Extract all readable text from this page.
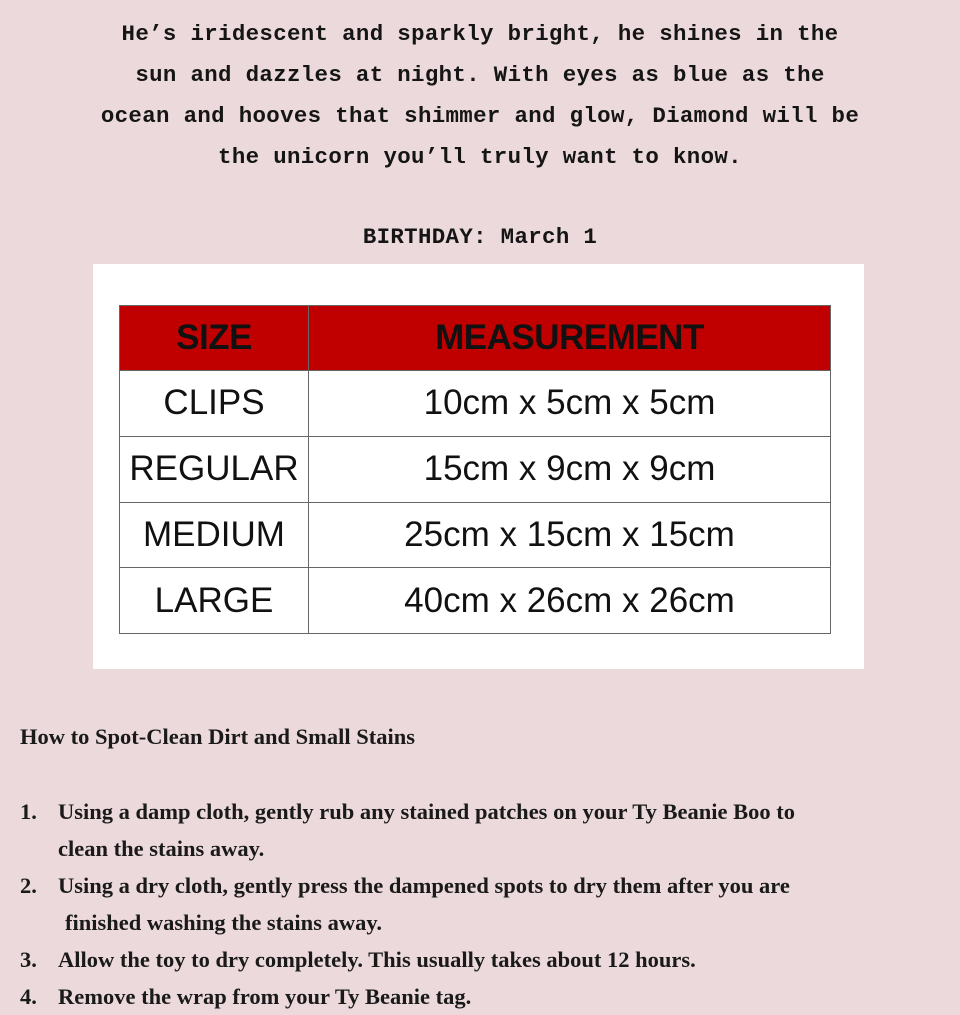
He’s iridescent and sparkly bright, he shines in the
sun and dazzles at night. With eyes as blue as the
ocean and hooves that shimmer and glow, Diamond will be
the unicorn you’ll truly want to know.
BIRTHDAY: March 1
SIZE	MEASUREMENT
CLIPS	10cm x 5cm x 5cm
REGULAR	15cm x 9cm x 9cm
MEDIUM	25cm x 15cm x 15cm
LARGE	40cm x 26cm x 26cm
How to Spot-Clean Dirt and Small Stains
1. Using a damp cloth, gently rub any stained patches on your Ty Beanie Boo to
clean the stains away.
2. Using a dry cloth, gently press the dampened spots to dry them after you are
finished washing the stains away.
3. Allow the toy to dry completely. This usually takes about 12 hours.
4. Remove the wrap from your Ty Beanie tag.
